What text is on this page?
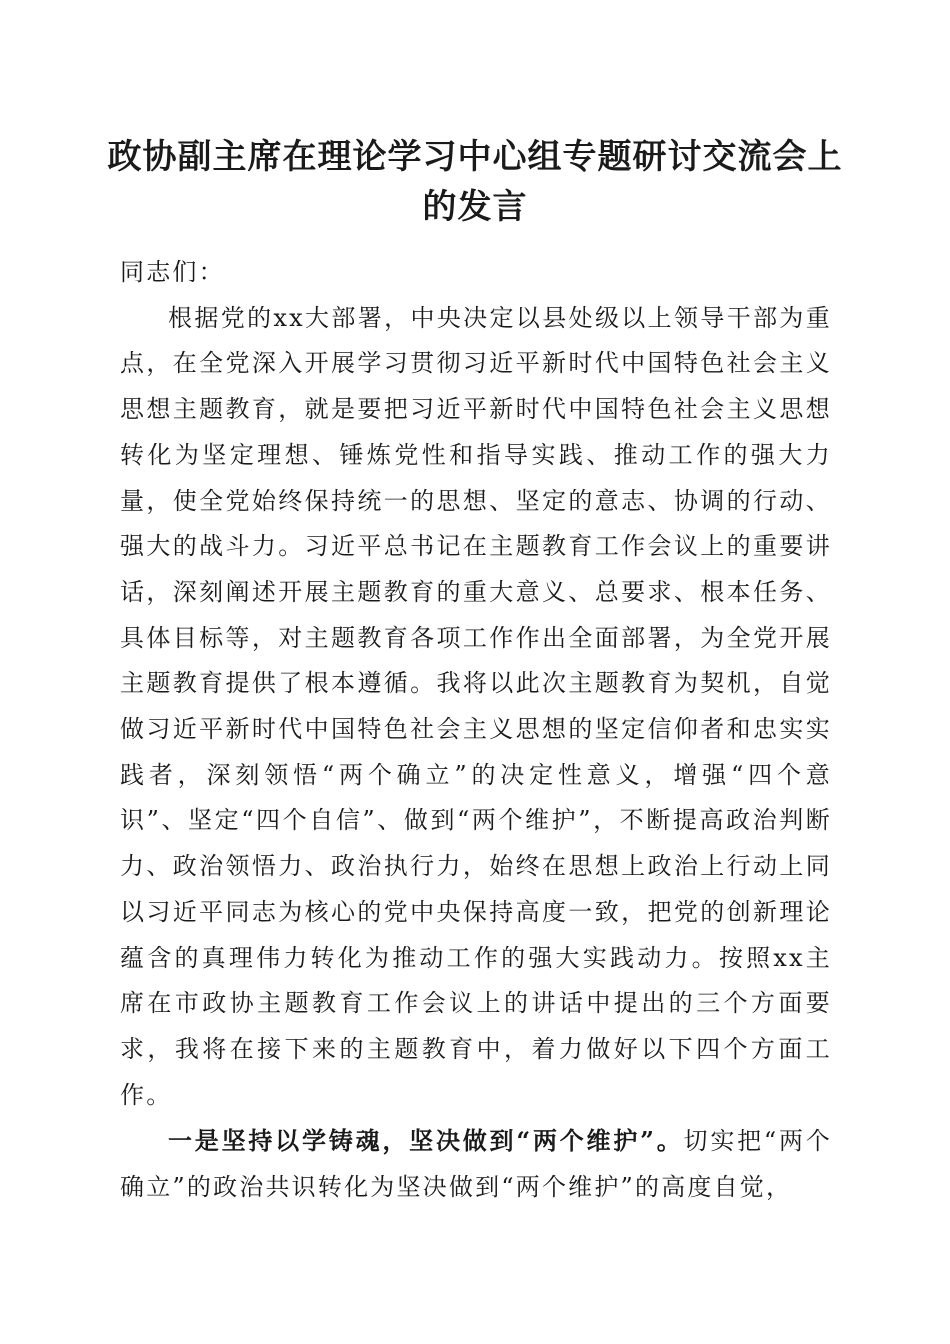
政协副主席在理论学习中心组专题研讨交流会上的发言

同志们：

根据党的xx大部署，中央决定以县处级以上领导干部为重点，在全党深入开展学习贯彻习近平新时代中国特色社会主义思想主题教育，就是要把习近平新时代中国特色社会主义思想转化为坚定理想、锤炼党性和指导实践、推动工作的强大力量，使全党始终保持统一的思想、坚定的意志、协调的行动、强大的战斗力。习近平总书记在主题教育工作会议上的重要讲话，深刻阐述开展主题教育的重大意义、总要求、根本任务、具体目标等，对主题教育各项工作作出全面部署，为全党开展主题教育提供了根本遵循。我将以此次主题教育为契机，自觉做习近平新时代中国特色社会主义思想的坚定信仰者和忠实实践者，深刻领悟“两个确立”的决定性意义，增强“四个意识”、坚定“四个自信”、做到“两个维护”，不断提高政治判断力、政治领悟力、政治执行力，始终在思想上政治上行动上同以习近平同志为核心的党中央保持高度一致，把党的创新理论蕴含的真理伟力转化为推动工作的强大实践动力。按照xx主席在市政协主题教育工作会议上的讲话中提出的三个方面要求，我将在接下来的主题教育中，着力做好以下四个方面工作。

一是坚持以学铸魂，坚决做到“两个维护”。切实把“两个确立”的政治共识转化为坚决做到“两个维护”的高度自觉，
